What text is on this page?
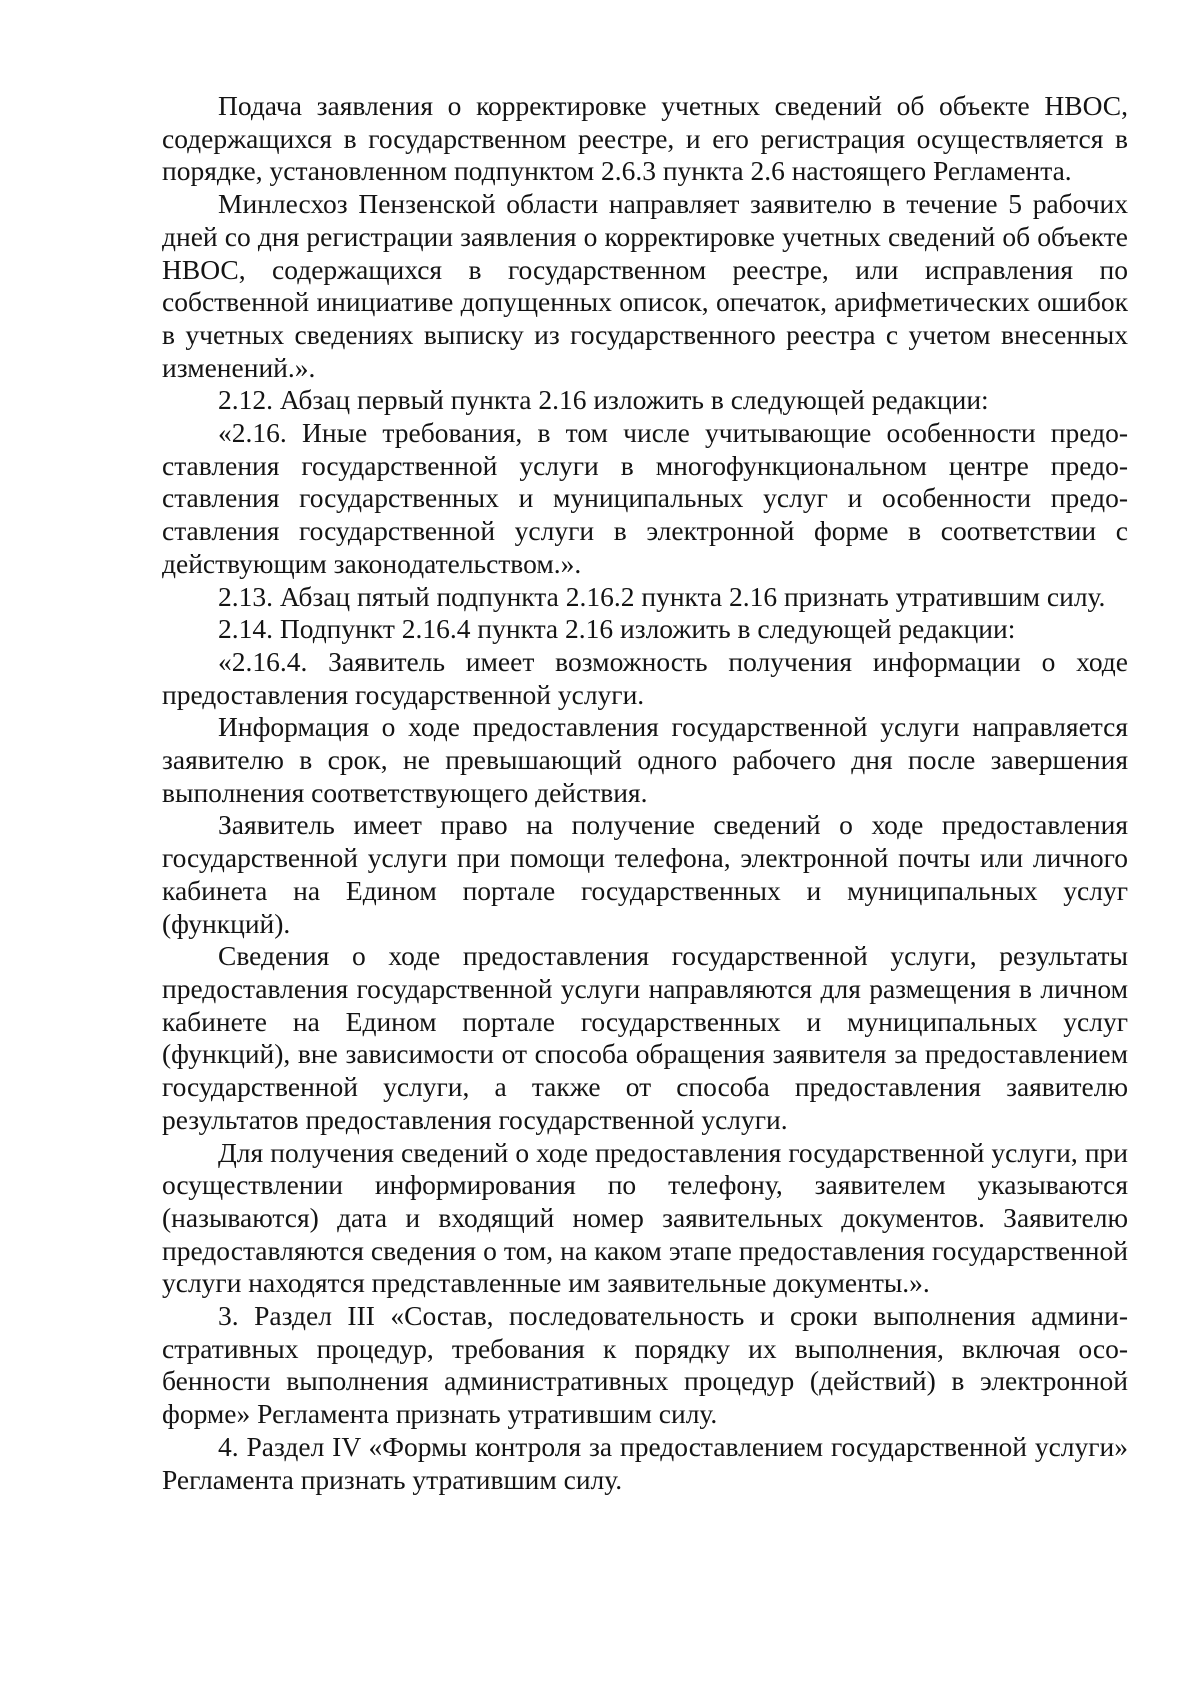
Подача заявления о корректировке учетных сведений об объекте НВОС, содержащихся в государственном реестре, и его регистрация осуществляется в порядке, установленном подпунктом 2.6.3 пункта 2.6 настоящего Регламента.

Минлесхоз Пензенской области направляет заявителю в течение 5 рабочих дней со дня регистрации заявления о корректировке учетных сведений об объекте НВОС, содержащихся в государственном реестре, или исправления по собственной инициативе допущенных описок, опечаток, арифметических ошибок в учетных сведениях выписку из государственного реестра с учетом внесенных изменений.».

2.12. Абзац первый пункта 2.16 изложить в следующей редакции:

«2.16. Иные требования, в том числе учитывающие особенности предоставления государственной услуги в многофункциональном центре предоставления государственных и муниципальных услуг и особенности предоставления государственной услуги в электронной форме в соответствии с действующим законодательством.».

2.13. Абзац пятый подпункта 2.16.2 пункта 2.16 признать утратившим силу.

2.14. Подпункт 2.16.4 пункта 2.16 изложить в следующей редакции:

«2.16.4. Заявитель имеет возможность получения информации о ходе предоставления государственной услуги.

Информация о ходе предоставления государственной услуги направляется заявителю в срок, не превышающий одного рабочего дня после завершения выполнения соответствующего действия.

Заявитель имеет право на получение сведений о ходе предоставления государственной услуги при помощи телефона, электронной почты или личного кабинета на Едином портале государственных и муниципальных услуг (функций).

Сведения о ходе предоставления государственной услуги, результаты предоставления государственной услуги направляются для размещения в личном кабинете на Едином портале государственных и муниципальных услуг (функций), вне зависимости от способа обращения заявителя за предоставлением государственной услуги, а также от способа предоставления заявителю результатов предоставления государственной услуги.

Для получения сведений о ходе предоставления государственной услуги, при осуществлении информирования по телефону, заявителем указываются (называются) дата и входящий номер заявительных документов. Заявителю предоставляются сведения о том, на каком этапе предоставления государственной услуги находятся представленные им заявительные документы.».

3. Раздел III «Состав, последовательность и сроки выполнения административных процедур, требования к порядку их выполнения, включая особенности выполнения административных процедур (действий) в электронной форме» Регламента признать утратившим силу.

4. Раздел IV «Формы контроля за предоставлением государственной услуги» Регламента признать утратившим силу.
